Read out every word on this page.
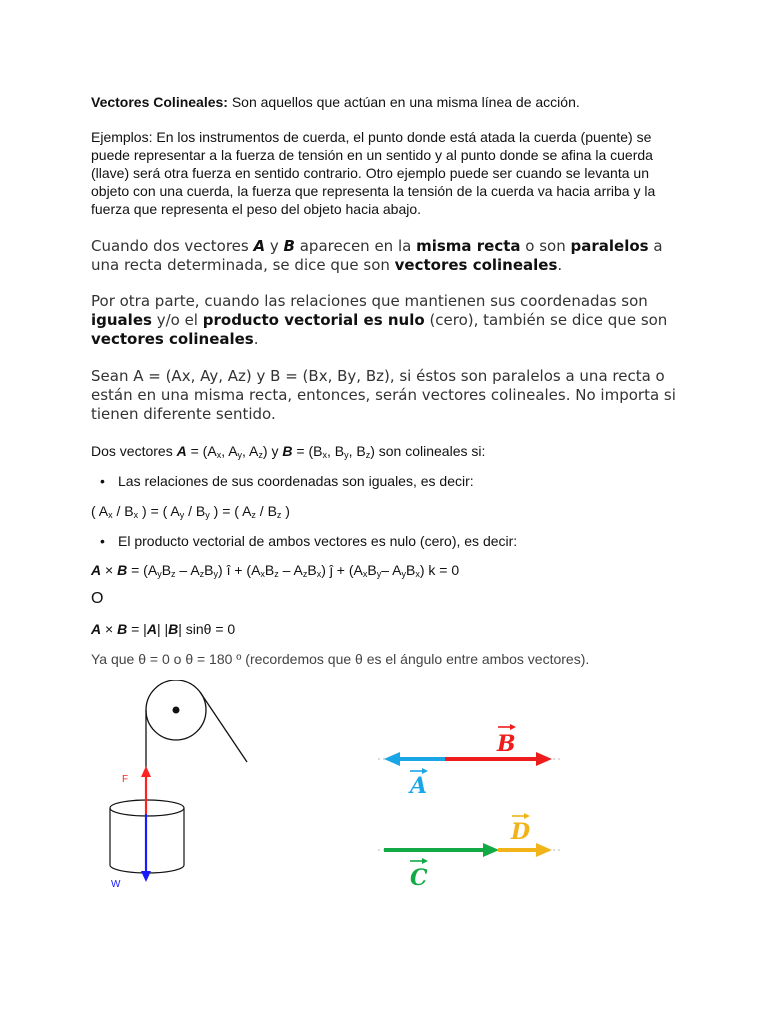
Vectores Colineales: Son aquellos que actúan en una misma línea de acción.

Ejemplos: En los instrumentos de cuerda, el punto donde está atada la cuerda (puente) se puede representar a la fuerza de tensión en un sentido y al punto donde se afina la cuerda (llave) será otra fuerza en sentido contrario. Otro ejemplo puede ser cuando se levanta un objeto con una cuerda, la fuerza que representa la tensión de la cuerda va hacia arriba y la fuerza que representa el peso del objeto hacia abajo.

Cuando dos vectores A y B aparecen en la misma recta o son paralelos a una recta determinada, se dice que son vectores colineales.

Por otra parte, cuando las relaciones que mantienen sus coordenadas son iguales y/o el producto vectorial es nulo (cero), también se dice que son vectores colineales.

Sean A = (Ax, Ay, Az) y B = (Bx, By, Bz), si éstos son paralelos a una recta o están en una misma recta, entonces, serán vectores colineales. No importa si tienen diferente sentido.

Dos vectores $A = (A_x$, $A_y$, $A_z$) y $B = (B_x$, $B_y$, $B_z$) son colineales si:

• Las relaciones de sus coordenadas son iguales, es decir:

( $A_x / B_x$ ) = ( $A_y / B_y$ ) = ( $A_z / B_z$ )

• El producto vectorial de ambos vectores es nulo (cero), es decir:

$A \times B = (A_yB_z - A_zB_y)$ î + $(A_xB_z - A_zB_x)$ ĵ + ($A_xB_y-$ $A_yB_x$) k = 0

O

A × B = |A| |B| sinθ = 0

Ya que θ = 0 o θ = 180 º (recordemos que θ es el ángulo entre ambos vectores).

F
W
A
B
C
D
